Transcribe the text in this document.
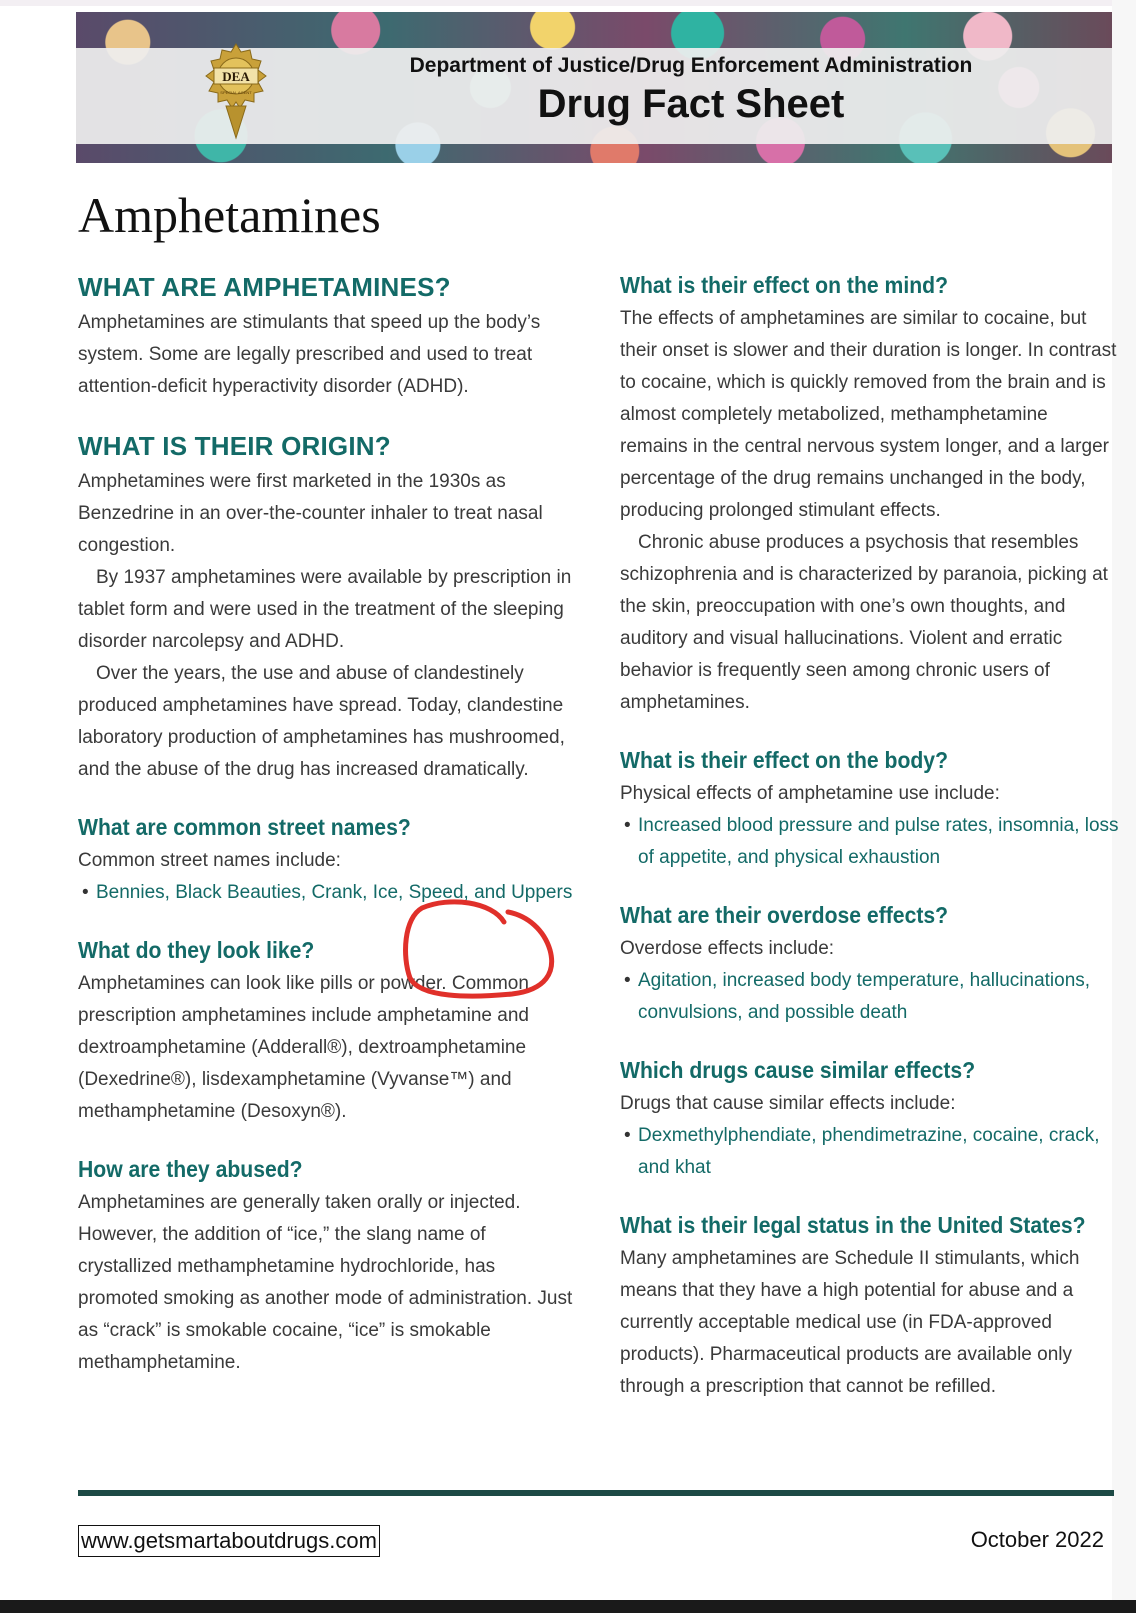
DEA
SPECIAL AGENT
Department of Justice/Drug Enforcement Administration
Drug Fact Sheet
Amphetamines
WHAT ARE AMPHETAMINES?

Amphetamines are stimulants that speed up the body’s system. Some are legally prescribed and used to treat attention-deficit hyperactivity disorder (ADHD).

WHAT IS THEIR ORIGIN?

Amphetamines were first marketed in the 1930s as Benzedrine in an over-the-counter inhaler to treat nasal congestion.

By 1937 amphetamines were available by prescription in tablet form and were used in the treatment of the sleeping disorder narcolepsy and ADHD.

Over the years, the use and abuse of clandestinely produced amphetamines have spread. Today, clandestine laboratory production of amphetamines has mushroomed, and the abuse of the drug has increased dramatically.

What are common street names?

Common street names include:

• Bennies, Black Beauties, Crank, Ice, Speed, and Uppers
What do they look like?

Amphetamines can look like pills or powder. Common prescription amphetamines include amphetamine and dextroamphetamine (Adderall®), dextroamphetamine (Dexedrine®), lisdexamphetamine (Vyvanse™) and methamphetamine (Desoxyn®).

How are they abused?

Amphetamines are generally taken orally or injected. However, the addition of “ice,” the slang name of crystallized methamphetamine hydrochloride, has promoted smoking as another mode of administration. Just as “crack” is smokable cocaine, “ice” is smokable methamphetamine.

What is their effect on the mind?

The effects of amphetamines are similar to cocaine, but their onset is slower and their duration is longer. In contrast to cocaine, which is quickly removed from the brain and is almost completely metabolized, methamphetamine remains in the central nervous system longer, and a larger percentage of the drug remains unchanged in the body, producing prolonged stimulant effects.

Chronic abuse produces a psychosis that resembles schizophrenia and is characterized by paranoia, picking at the skin, preoccupation with one’s own thoughts, and auditory and visual hallucinations. Violent and erratic behavior is frequently seen among chronic users of amphetamines.

What is their effect on the body?

Physical effects of amphetamine use include:

• Increased blood pressure and pulse rates, insomnia, loss of appetite, and physical exhaustion
What are their overdose effects?

Overdose effects include:

• Agitation, increased body temperature, hallucinations, convulsions, and possible death
Which drugs cause similar effects?

Drugs that cause similar effects include:

• Dexmethylphendiate, phendimetrazine, cocaine, crack, and khat
What is their legal status in the United States?

Many amphetamines are Schedule II stimulants, which means that they have a high potential for abuse and a currently acceptable medical use (in FDA-approved products). Pharmaceutical products are available only through a prescription that cannot be refilled.

www.getsmartaboutdrugs.com	October 2022
